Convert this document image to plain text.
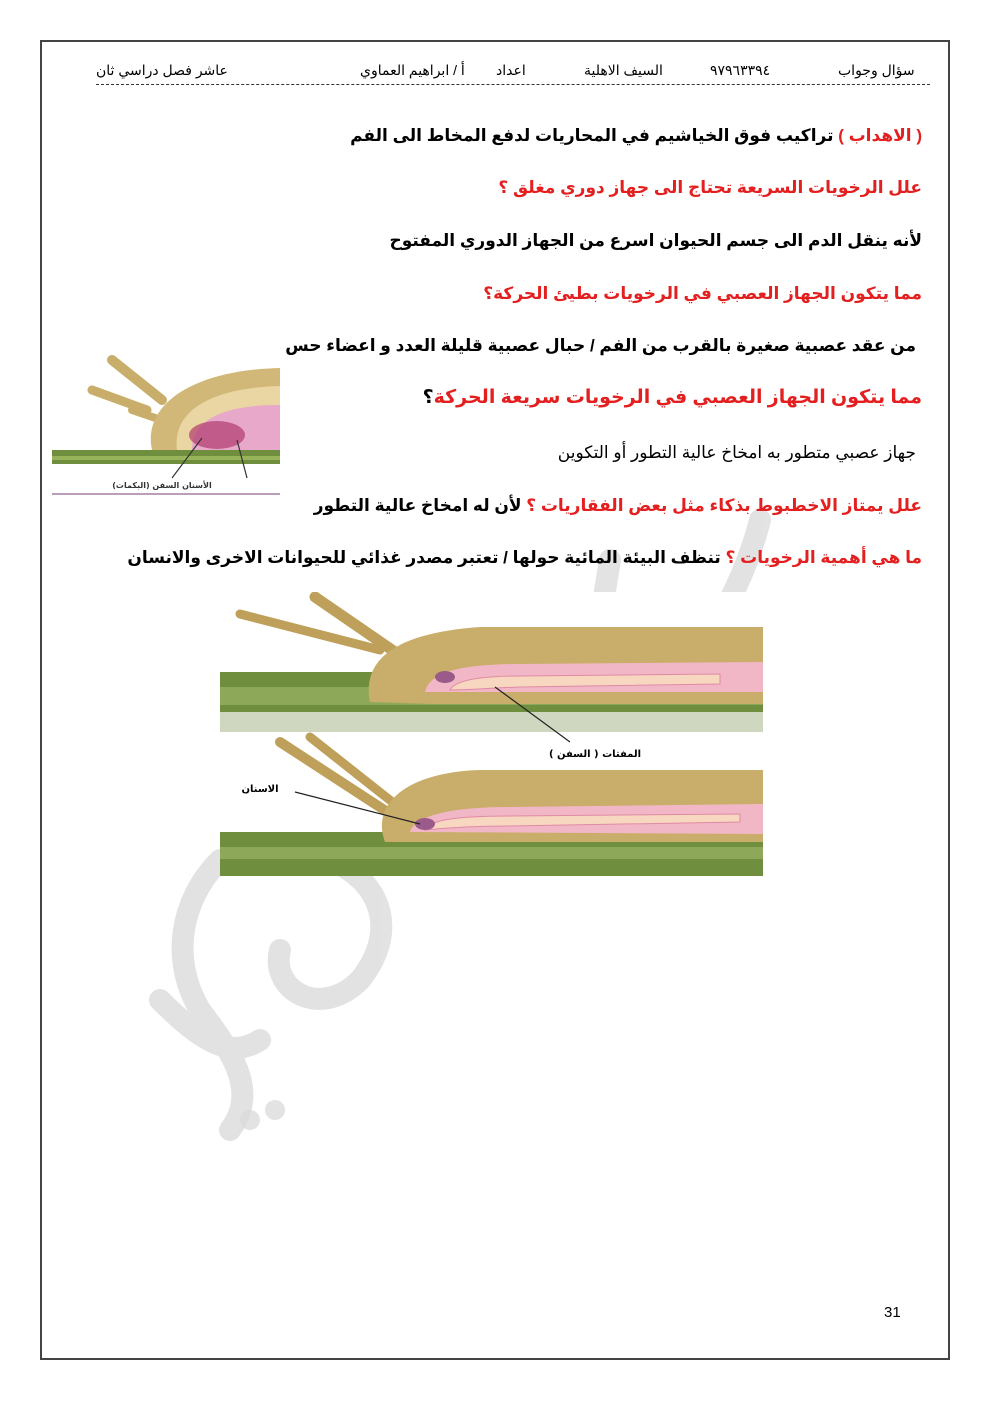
سؤال وجواب
٩٧٩٦٣٣٩٤
السيف الاهلية
اعداد
أ / ابراهيم العماوي
عاشر فصل دراسي ثان
( الاهداب ) تراكيب فوق الخياشيم في المحاريات لدفع المخاط الى الفم
علل الرخويات السريعة تحتاج الى جهاز دوري مغلق ؟
لأنه ينقل الدم الى جسم الحيوان اسرع من الجهاز الدوري المفتوح
مما يتكون الجهاز العصبي في الرخويات بطيئ الحركة؟
من عقد عصبية صغيرة بالقرب من الفم / حبال عصبية قليلة العدد و اعضاء حس
مما يتكون الجهاز العصبي في الرخويات سريعة الحركة؟
جهاز عصبي متطور به امخاخ عالية التطور أو التكوين
علل يمتاز الاخطبوط بذكاء مثل بعض الفقاريات ؟ لأن له امخاخ عالية التطور
ما هي أهمية الرخويات ؟ تنظف البيئة المائية حولها / تعتبر مصدر غذائي للحيوانات الاخرى والانسان
الأسنان السفن (البكمات)
المفتات ( السفن )
الاسنان
31
